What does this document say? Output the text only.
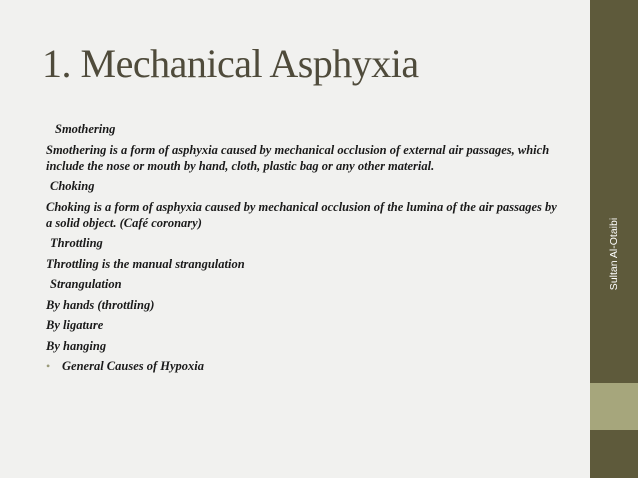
1. Mechanical Asphyxia

Smothering

Smothering is a form of asphyxia caused by mechanical occlusion of external air passages, which include the nose or mouth by hand, cloth, plastic bag or any other material.

Choking

Choking is a form of asphyxia caused by mechanical occlusion of the lumina of the air passages by a solid object. (Café coronary)

Throttling

Throttling is the manual strangulation

Strangulation

By hands (throttling)

By ligature

By hanging

• General Causes of Hypoxia

Sultan Al-Otaibi
